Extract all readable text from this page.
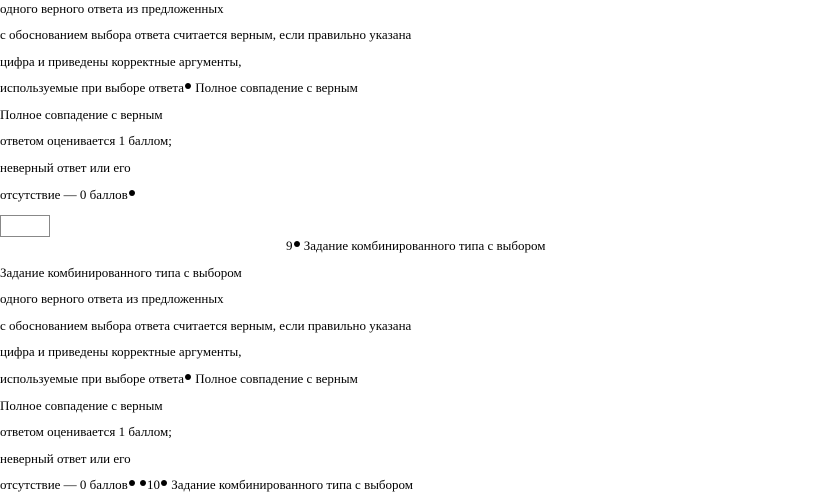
одного верного ответа из предложенных
с обоснованием выбора ответа считается верным, если правильно указана
цифра и приведены корректные аргументы,
используемые при выборе ответа Полное совпадение с верным
Полное совпадение с верным
ответом оценивается 1 баллом;
неверный ответ или его
отсутствие — 0 баллов
9 Задание комбинированного типа с выбором
Задание комбинированного типа с выбором
одного верного ответа из предложенных
с обоснованием выбора ответа считается верным, если правильно указана
цифра и приведены корректные аргументы,
используемые при выборе ответа Полное совпадение с верным
Полное совпадение с верным
ответом оценивается 1 баллом;
неверный ответ или его
отсутствие — 0 баллов 10 Задание комбинированного типа с выбором
